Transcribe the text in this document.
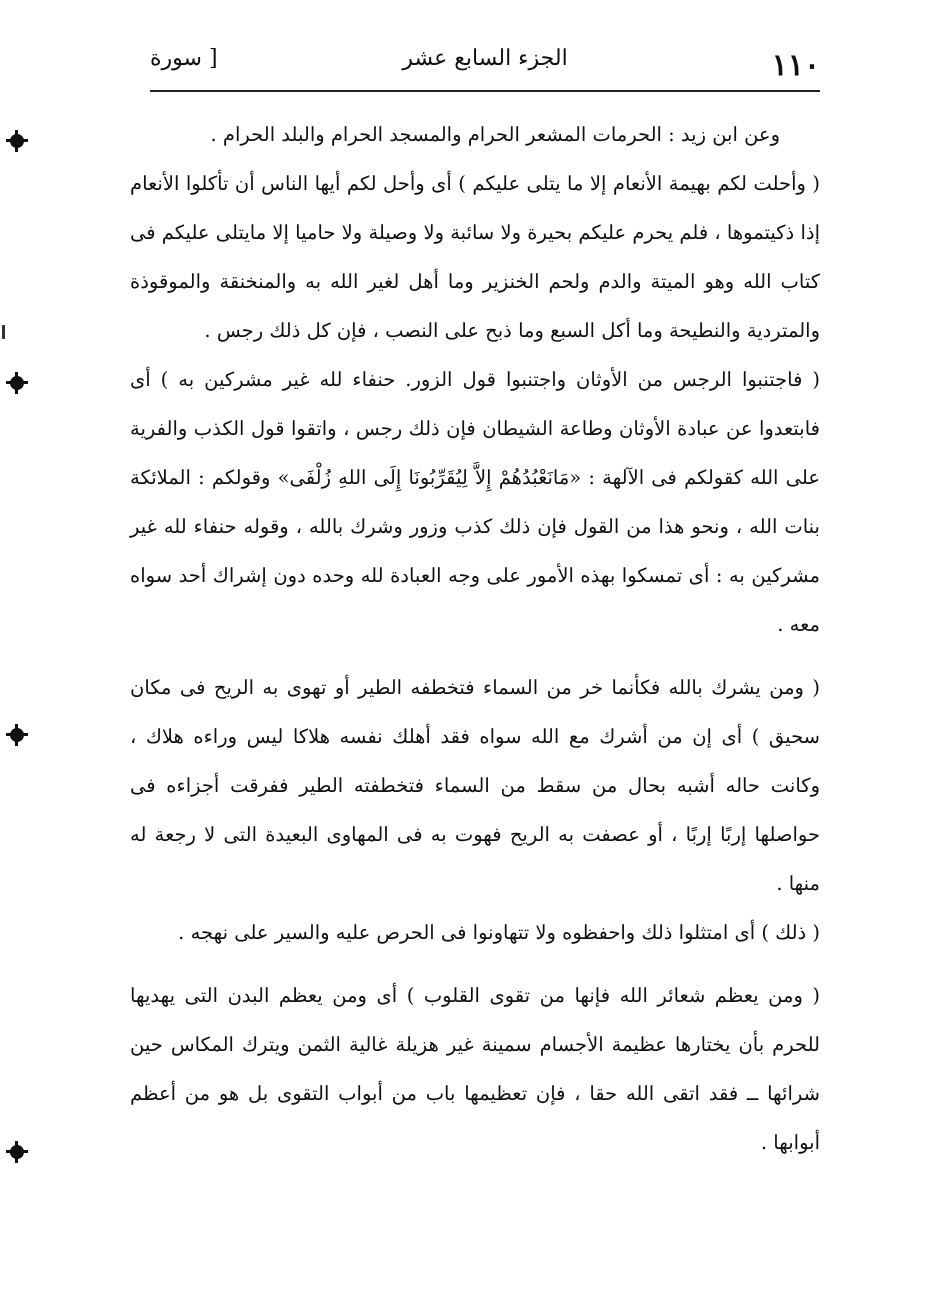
١١٠
الجزء السابع عشر
[ سورة

وعن ابن زيد : الحرمات المشعر الحرام والمسجد الحرام والبلد الحرام .

( وأحلت لكم بهيمة الأنعام إلا ما يتلى عليكم ) أى وأحل لكم أيها الناس أن تأكلوا الأنعام إذا ذكيتموها ، فلم يحرم عليكم بحيرة ولا سائبة ولا وصيلة ولا حاميا إلا مايتلى عليكم فى كتاب الله وهو الميتة والدم ولحم الخنزير وما أهل لغير الله به والمنخنقة والموقوذة والمتردية والنطيحة وما أكل السبع وما ذبح على النصب ، فإن كل ذلك رجس .

( فاجتنبوا الرجس من الأوثان واجتنبوا قول الزور. حنفاء لله غير مشركين به ) أى فابتعدوا عن عبادة الأوثان وطاعة الشيطان فإن ذلك رجس ، واتقوا قول الكذب والفرية على الله كقولكم فى الآلهة : «مَانَعْبُدُهُمْ إِلاَّ لِيُقَرِّبُونَا إِلَى اللهِ زُلْفَى» وقولكم : الملائكة بنات الله ، ونحو هذا من القول فإن ذلك كذب وزور وشرك بالله ، وقوله حنفاء لله غير مشركين به : أى تمسكوا بهذه الأمور على وجه العبادة لله وحده دون إشراك أحد سواه معه .

( ومن يشرك بالله فكأنما خر من السماء فتخطفه الطير أو تهوى به الريح فى مكان سحيق ) أى إن من أشرك مع الله سواه فقد أهلك نفسه هلاكا ليس وراءه هلاك ، وكانت حاله أشبه بحال من سقط من السماء فتخطفته الطير ففرقت أجزاءه فى حواصلها إربًا إربًا ، أو عصفت به الريح فهوت به فى المهاوى البعيدة التى لا رجعة له منها .

( ذلك ) أى امتثلوا ذلك واحفظوه ولا تتهاونوا فى الحرص عليه والسير على نهجه .

( ومن يعظم شعائر الله فإنها من تقوى القلوب ) أى ومن يعظم البدن التى يهديها للحرم بأن يختارها عظيمة الأجسام سمينة غير هزيلة غالية الثمن ويترك المكاس حين شرائها ــ فقد اتقى الله حقا ، فإن تعظيمها باب من أبواب التقوى بل هو من أعظم أبوابها .
